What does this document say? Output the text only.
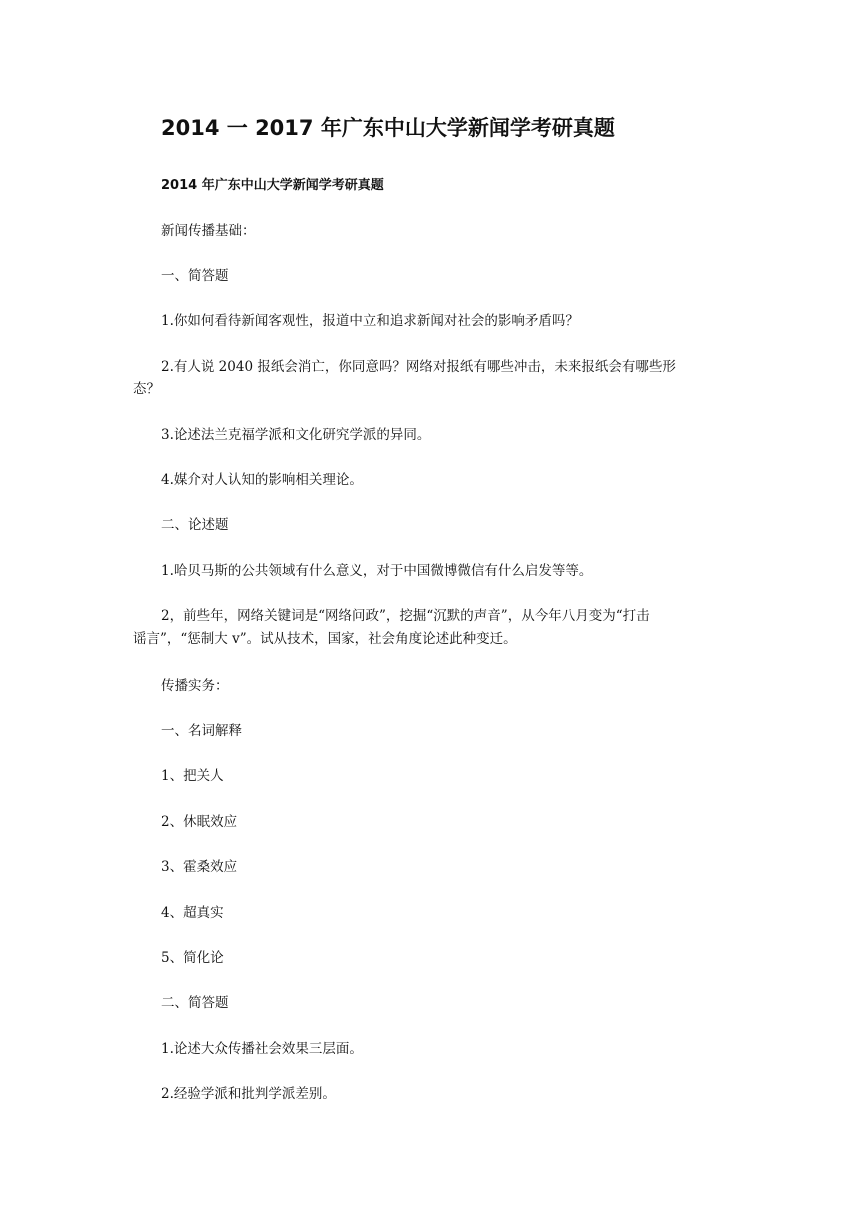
2014 一 2017 年广东中山大学新闻学考研真题
2014 年广东中山大学新闻学考研真题

新闻传播基础：

一、简答题

1.你如何看待新闻客观性，报道中立和追求新闻对社会的影响矛盾吗？

2.有人说 2040 报纸会消亡，你同意吗？网络对报纸有哪些冲击，未来报纸会有哪些形

态？

3.论述法兰克福学派和文化研究学派的异同。

4.媒介对人认知的影响相关理论。

二、论述题

1.哈贝马斯的公共领域有什么意义，对于中国微博微信有什么启发等等。

2，前些年，网络关键词是“网络问政”，挖掘“沉默的声音”，从今年八月变为“打击

谣言”，“惩制大 v”。试从技术，国家，社会角度论述此种变迁。

传播实务：

一、名词解释

1、把关人

2、休眠效应

3、霍桑效应

4、超真实

5、简化论

二、简答题

1.论述大众传播社会效果三层面。

2.经验学派和批判学派差别。
